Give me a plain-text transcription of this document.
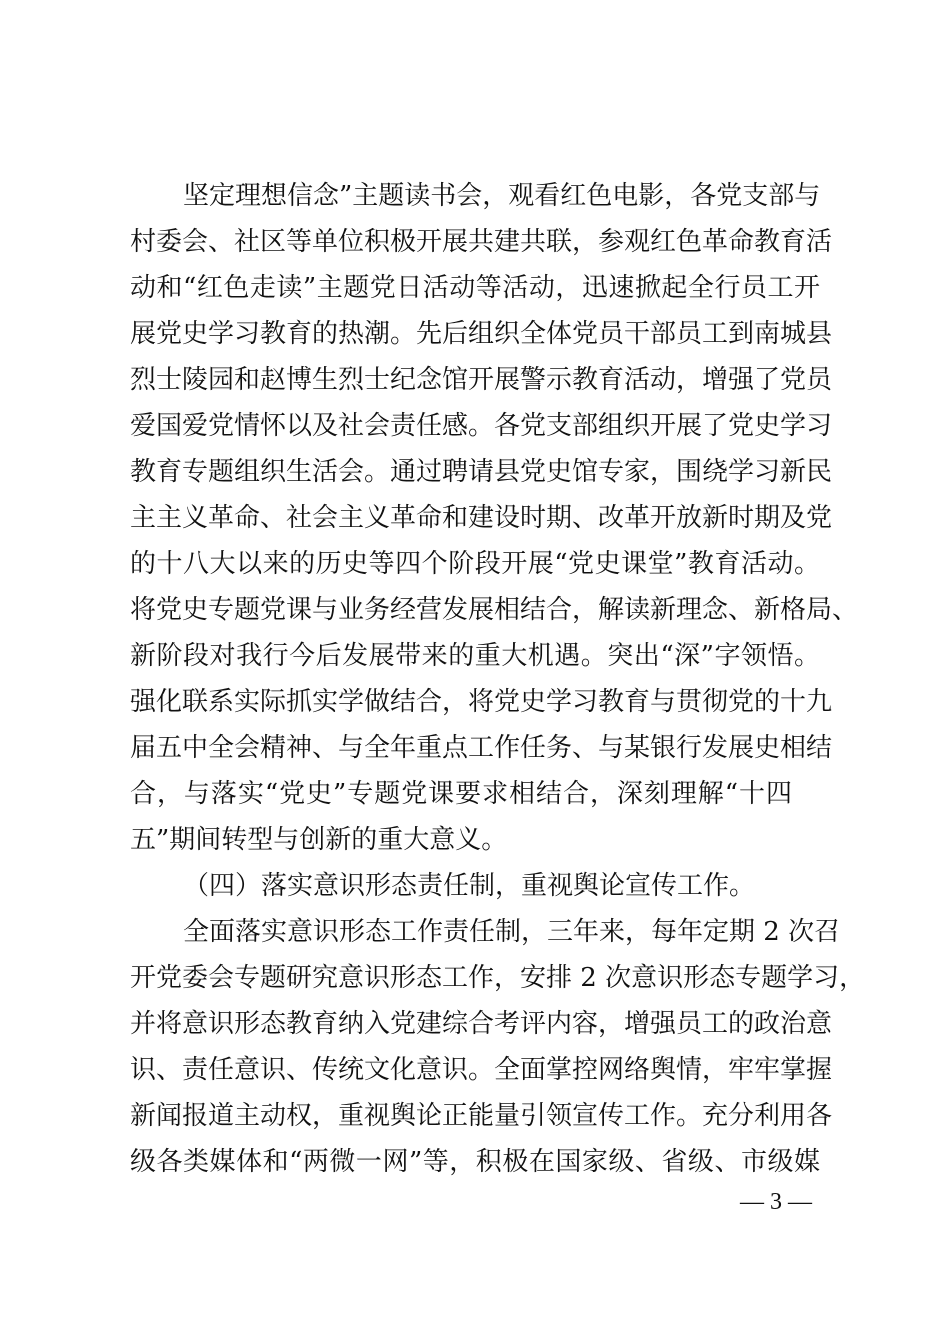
坚定理想信念”主题读书会，观看红色电影，各党支部与
村委会、社区等单位积极开展共建共联，参观红色革命教育活
动和“红色走读”主题党日活动等活动，迅速掀起全行员工开
展党史学习教育的热潮。先后组织全体党员干部员工到南城县
烈士陵园和赵博生烈士纪念馆开展警示教育活动，增强了党员
爱国爱党情怀以及社会责任感。各党支部组织开展了党史学习
教育专题组织生活会。通过聘请县党史馆专家，围绕学习新民
主主义革命、社会主义革命和建设时期、改革开放新时期及党
的十八大以来的历史等四个阶段开展“党史课堂”教育活动。
将党史专题党课与业务经营发展相结合，解读新理念、新格局、
新阶段对我行今后发展带来的重大机遇。突出“深”字领悟。
强化联系实际抓实学做结合，将党史学习教育与贯彻党的十九
届五中全会精神、与全年重点工作任务、与某银行发展史相结
合，与落实“党史”专题党课要求相结合，深刻理解“十四
五”期间转型与创新的重大意义。
（四）落实意识形态责任制，重视舆论宣传工作。
全面落实意识形态工作责任制，三年来，每年定期 2 次召
开党委会专题研究意识形态工作，安排 2 次意识形态专题学习，
并将意识形态教育纳入党建综合考评内容，增强员工的政治意
识、责任意识、传统文化意识。全面掌控网络舆情，牢牢掌握
新闻报道主动权，重视舆论正能量引领宣传工作。充分利用各
级各类媒体和“两微一网”等，积极在国家级、省级、市级媒
— 3 —
